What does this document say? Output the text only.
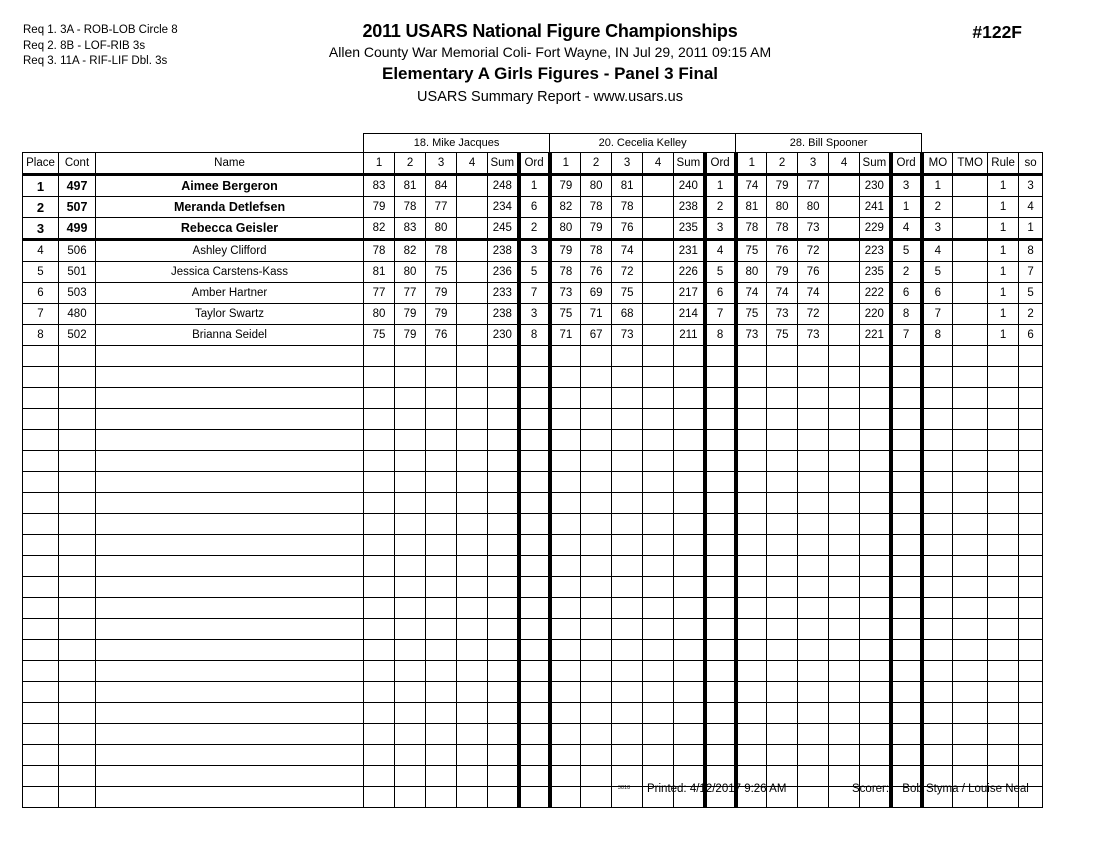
Req 1. 3A - ROB-LOB Circle 8
Req 2. 8B - LOF-RIB 3s
Req 3. 11A - RIF-LIF Dbl. 3s
2011 USARS National Figure Championships
Allen County War Memorial Coli- Fort Wayne, IN Jul 29, 2011 09:15 AM
Elementary A Girls Figures - Panel 3 Final
USARS Summary Report - www.usars.us
#122F
			18. Mike Jacques						20. Cecelia Kelley						28. Bill Spooner									
Place	Cont	Name	1	2	3	4	Sum	Ord	1	2	3	4	Sum	Ord	1	2	3	4	Sum	Ord	MO	TMO	Rule	so
1	497	Aimee Bergeron	83	81	84		248	1	79	80	81		240	1	74	79	77		230	3	1		1	3
2	507	Meranda Detlefsen	79	78	77		234	6	82	78	78		238	2	81	80	80		241	1	2		1	4
3	499	Rebecca Geisler	82	83	80		245	2	80	79	76		235	3	78	78	73		229	4	3		1	1
4	506	Ashley Clifford	78	82	78		238	3	79	78	74		231	4	75	76	72		223	5	4		1	8
5	501	Jessica Carstens-Kass	81	80	75		236	5	78	76	72		226	5	80	79	76		235	2	5		1	7
6	503	Amber Hartner	77	77	79		233	7	73	69	75		217	6	74	74	74		222	6	6		1	5
7	480	Taylor Swartz	80	79	79		238	3	75	71	68		214	7	75	73	72		220	8	7		1	2
8	502	Brianna Seidel	75	79	76		230	8	71	67	73		211	8	73	75	73		221	7	8		1	6

3818 Printed: 4/12/2017 9:26 AM	Scorer: Bob Styma / Louise Neal
